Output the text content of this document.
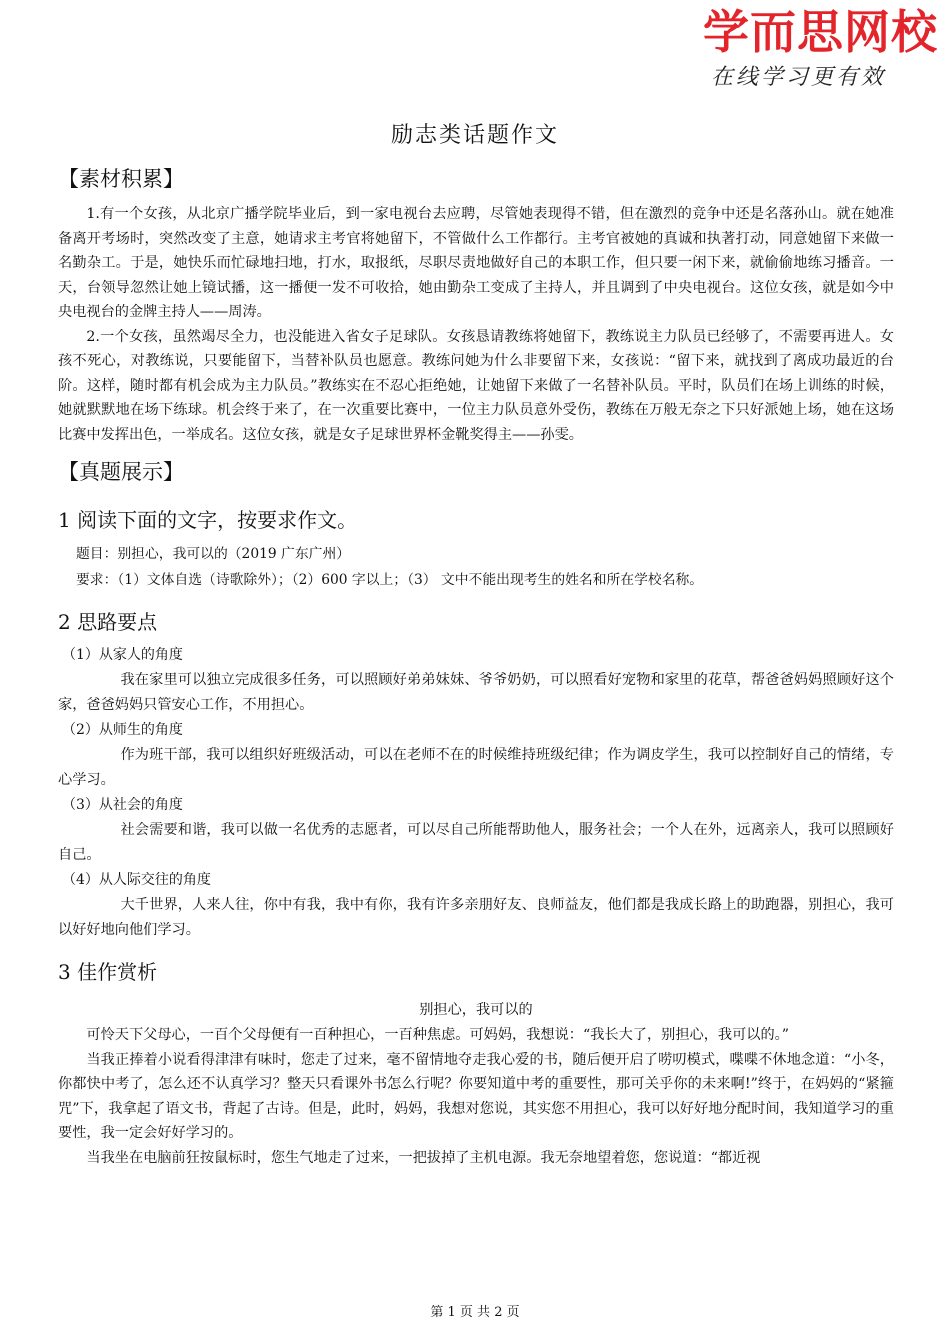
学而思网校
在线学习更有效
励志类话题作文
【素材积累】

1.有一个女孩，从北京广播学院毕业后，到一家电视台去应聘，尽管她表现得不错，但在激烈的竞争中还是名落孙山。就在她准备离开考场时，突然改变了主意，她请求主考官将她留下，不管做什么工作都行。主考官被她的真诚和执著打动，同意她留下来做一名勤杂工。于是，她快乐而忙碌地扫地，打水，取报纸，尽职尽责地做好自己的本职工作，但只要一闲下来，就偷偷地练习播音。一天，台领导忽然让她上镜试播，这一播便一发不可收拾，她由勤杂工变成了主持人，并且调到了中央电视台。这位女孩，就是如今中央电视台的金牌主持人——周涛。

2.一个女孩，虽然竭尽全力，也没能进入省女子足球队。女孩恳请教练将她留下，教练说主力队员已经够了，不需要再进人。女孩不死心，对教练说，只要能留下，当替补队员也愿意。教练问她为什么非要留下来，女孩说：“留下来，就找到了离成功最近的台阶。这样，随时都有机会成为主力队员。”教练实在不忍心拒绝她，让她留下来做了一名替补队员。平时，队员们在场上训练的时候，她就默默地在场下练球。机会终于来了，在一次重要比赛中，一位主力队员意外受伤，教练在万般无奈之下只好派她上场，她在这场比赛中发挥出色，一举成名。这位女孩，就是女子足球世界杯金靴奖得主——孙雯。

【真题展示】
1 阅读下面的文字，按要求作文。
题目：别担心，我可以的（2019 广东广州）
要求：（1）文体自选（诗歌除外）；（2）600 字以上；（3） 文中不能出现考生的姓名和所在学校名称。
2 思路要点
（1）从家人的角度
我在家里可以独立完成很多任务，可以照顾好弟弟妹妹、爷爷奶奶，可以照看好宠物和家里的花草，帮爸爸妈妈照顾好这个家，爸爸妈妈只管安心工作，不用担心。
（2）从师生的角度
作为班干部，我可以组织好班级活动，可以在老师不在的时候维持班级纪律；作为调皮学生，我可以控制好自己的情绪，专心学习。
（3）从社会的角度
社会需要和谐，我可以做一名优秀的志愿者，可以尽自己所能帮助他人，服务社会；一个人在外，远离亲人，我可以照顾好自己。
（4）从人际交往的角度
大千世界，人来人往，你中有我，我中有你，我有许多亲朋好友、良师益友，他们都是我成长路上的助跑器，别担心，我可以好好地向他们学习。
3 佳作赏析
别担心，我可以的

可怜天下父母心，一百个父母便有一百种担心，一百种焦虑。可妈妈，我想说：“我长大了，别担心，我可以的。”

当我正捧着小说看得津津有味时，您走了过来，毫不留情地夺走我心爱的书，随后便开启了唠叨模式，喋喋不休地念道：“小冬，你都快中考了，怎么还不认真学习？整天只看课外书怎么行呢？你要知道中考的重要性，那可关乎你的未来啊!”终于，在妈妈的“紧箍咒”下，我拿起了语文书，背起了古诗。但是，此时，妈妈，我想对您说，其实您不用担心，我可以好好地分配时间，我知道学习的重要性，我一定会好好学习的。

当我坐在电脑前狂按鼠标时，您生气地走了过来，一把拔掉了主机电源。我无奈地望着您，您说道：“都近视

第 1 页 共 2 页
